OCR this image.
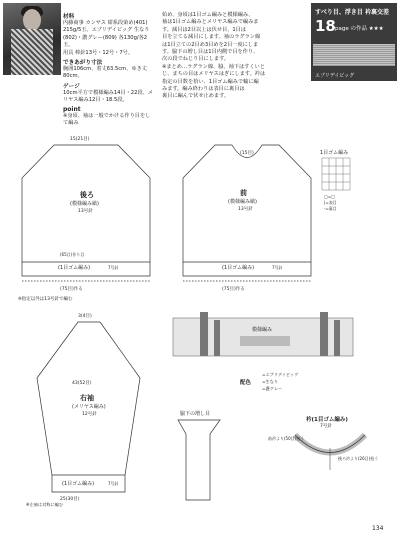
すべり目、浮き目 衿裏交差
18 page の作品 ★★★
エブリデイビッグ
材料
内藤商事 カンサス 紺系段染め(401)
215g/5玉、エブリデイビッグ 生なり
(802)・濃グレー(809) 各130g/各2玉。
用具 棒針13号・12号・7号。
できあがり寸法
胸囲106cm、着丈63.5cm、ゆき丈80cm。
ゲージ
10cm平方で模様編み14目・22段、メ
リヤス編み12目・18.5段。
point
※身頃、袖は一般でかける作り目をして編み
始め、身頃は1目ゴム編みと模様編み、
袖は1目ゴム編みとメリヤス編みで編みま
す。減目は2目以上は伏せ目、1目は
目を立てる減目にします。袖のラグラン線
は1目立ての2目め3目めを2目一度にしま
す。脇下の増し目は1目内側で目を作り、
次の段でねじり目にします。
※まとめ…ラグラン線、脇、袖下はすくいと
じ、まちの目はメリヤスはぎにします。衿は
指定の目数を拾い、1目ゴム編みで輪に編
みます。編み終わりは表目に裏目は
裏目に編んで伏せ止めます。
後ろ
(模様編み縞)
13号針
(1目ゴム編み)	7号針
(75目)作る
※指定以外は13号針で編む
15(21目)
(65目)作り目
前
(模様編み縞)
13号針
(1目ゴム編み)	7号針
(75目)作る
(15目)	1目ゴム編み
□=□
|=表目
-=裏目
模様編み
配色
=エブリデイビッグ
=生なり
=濃グレー
右袖
(メリヤス編み)
12号針
(1目ゴム編み)	7号針
43(52目)
3(4目)
25(30目)
※左袖は対称に編む
脇下の増し目
衿(1目ゴム編み)
7号針
前衿より(50目)拾う
後ろ衿より(26目)拾う
134
